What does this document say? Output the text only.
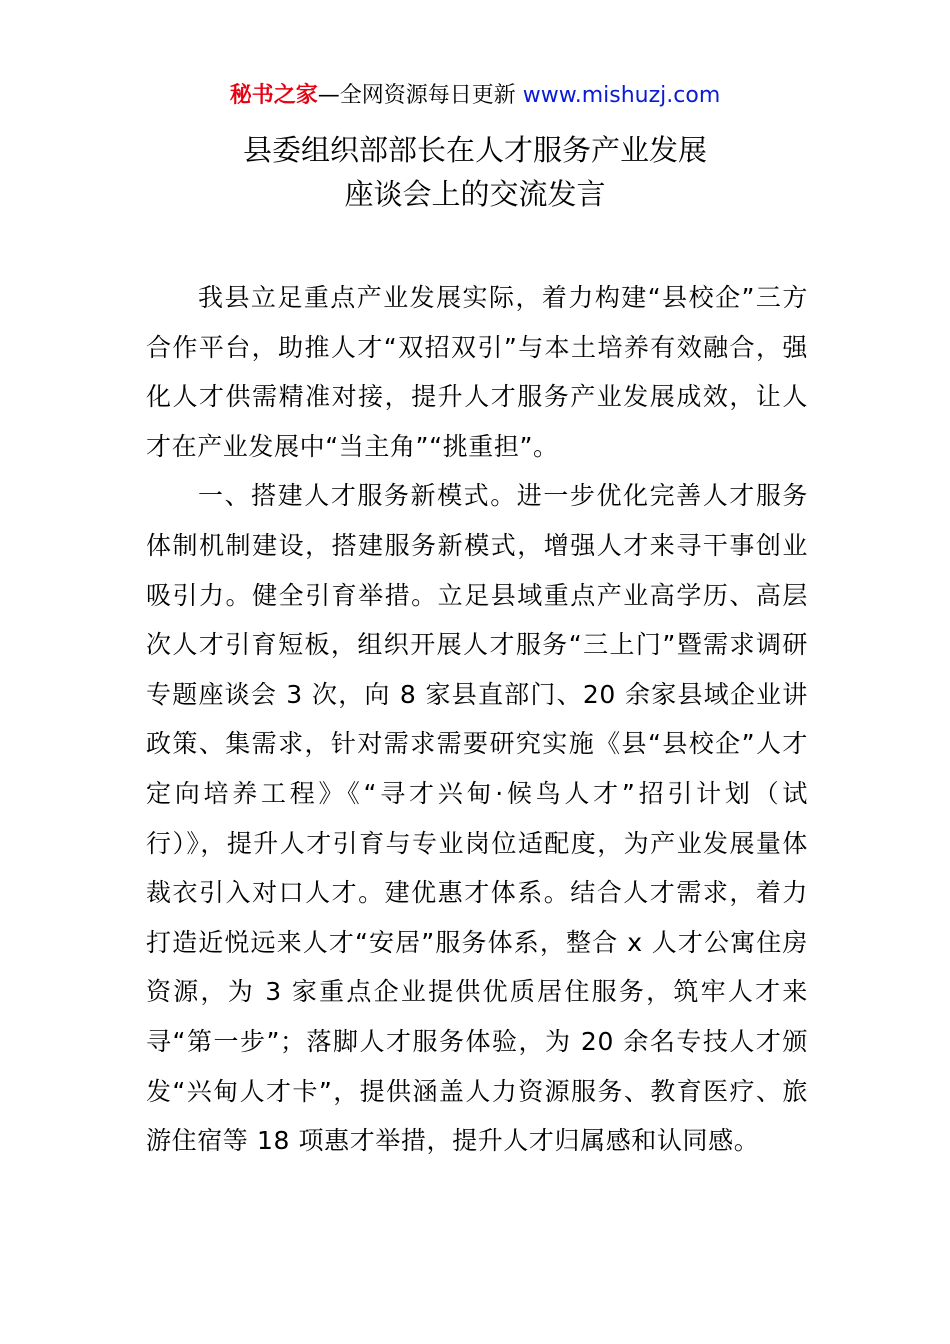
秘书之家—全网资源每日更新 www.mishuzj.com
县委组织部部长在人才服务产业发展
座谈会上的交流发言

我县立足重点产业发展实际，着力构建“县校企”三方合作平台，助推人才“双招双引”与本土培养有效融合，强化人才供需精准对接，提升人才服务产业发展成效，让人才在产业发展中“当主角”“挑重担”。

一、搭建人才服务新模式。进一步优化完善人才服务体制机制建设，搭建服务新模式，增强人才来寻干事创业吸引力。健全引育举措。立足县域重点产业高学历、高层次人才引育短板，组织开展人才服务“三上门”暨需求调研专题座谈会 3 次，向 8 家县直部门、20 余家县域企业讲政策、集需求，针对需求需要研究实施《县“县校企”人才定向培养工程》《“寻才兴甸·候鸟人才”招引计划（试行）》，提升人才引育与专业岗位适配度，为产业发展量体裁衣引入对口人才。建优惠才体系。结合人才需求，着力打造近悦远来人才“安居”服务体系，整合 x 人才公寓住房资源，为 3 家重点企业提供优质居住服务，筑牢人才来寻“第一步”；落脚人才服务体验，为 20 余名专技人才颁发“兴甸人才卡”，提供涵盖人力资源服务、教育医疗、旅游住宿等 18 项惠才举措，提升人才归属感和认同感。
